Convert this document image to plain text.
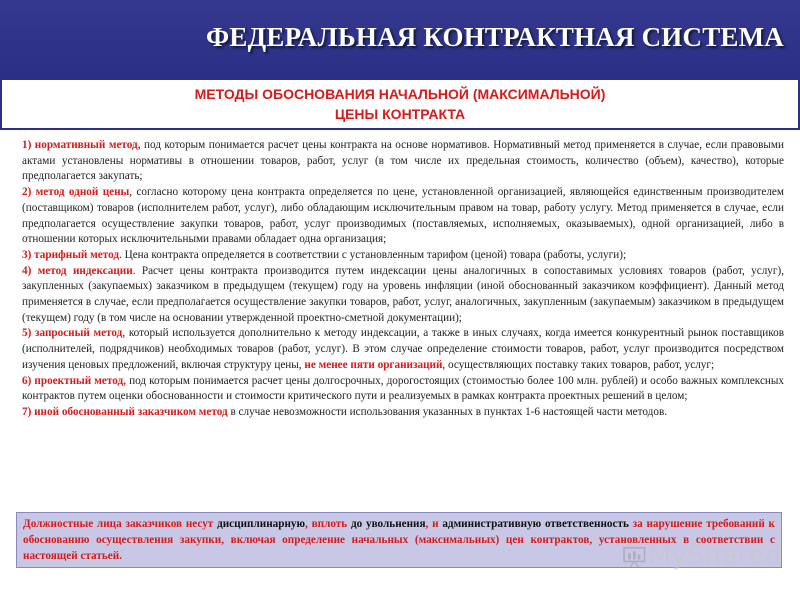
ФЕДЕРАЛЬНАЯ КОНТРАКТНАЯ СИСТЕМА
МЕТОДЫ ОБОСНОВАНИЯ НАЧАЛЬНОЙ (МАКСИМАЛЬНОЙ)
ЦЕНЫ КОНТРАКТА

1) нормативный метод, под которым понимается расчет цены контракта на основе нормативов. Нормативный метод применяется в случае, если правовыми актами установлены нормативы в отношении товаров, работ, услуг (в том числе их предельная стоимость, количество (объем), качество), которые предполагается закупать;

2) метод одной цены, согласно которому цена контракта определяется по цене, установленной организацией, являющейся единственным производителем (поставщиком) товаров (исполнителем работ, услуг), либо обладающим исключительным правом на товар, работу услугу. Метод применяется в случае, если предполагается осуществление закупки товаров, работ, услуг производимых (поставляемых, исполняемых, оказываемых), одной организацией, либо в отношении которых исключительными правами обладает одна организация;

3) тарифный метод. Цена контракта определяется в соответствии с установленным тарифом (ценой) товара (работы, услуги);

4) метод индексации. Расчет цены контракта производится путем индексации цены аналогичных в сопоставимых условиях товаров (работ, услуг), закупленных (закупаемых) заказчиком в предыдущем (текущем) году на уровень инфляции (иной обоснованный заказчиком коэффициент). Данный метод применяется в случае, если предполагается осуществление закупки товаров, работ, услуг, аналогичных, закупленным (закупаемым) заказчиком в предыдущем (текущем) году (в том числе на основании утвержденной проектно-сметной документации);

5) запросный метод, который используется дополнительно к методу индексации, а также в иных случаях, когда имеется конкурентный рынок поставщиков (исполнителей, подрядчиков) необходимых товаров (работ, услуг). В этом случае определение стоимости товаров, работ, услуг производится посредством изучения ценовых предложений, включая структуру цены, не менее пяти организаций, осуществляющих поставку таких товаров, работ, услуг;

6) проектный метод, под которым понимается расчет цены долгосрочных, дорогостоящих (стоимостью более 100 млн. рублей) и особо важных комплексных контрактов путем оценки обоснованности и стоимости критического пути и реализуемых в рамках контракта проектных решений в целом;

7) иной обоснованный заказчиком метод в случае невозможности использования указанных в пунктах 1-6 настоящей части методов.

Должностные лица заказчиков несут дисциплинарную, вплоть до увольнения, и административную ответственность за нарушение требований к обоснованию осуществления закупки, включая определение начальных (максимальных) цен контрактов, установленных в соответствии с настоящей статьей.	MyShared
